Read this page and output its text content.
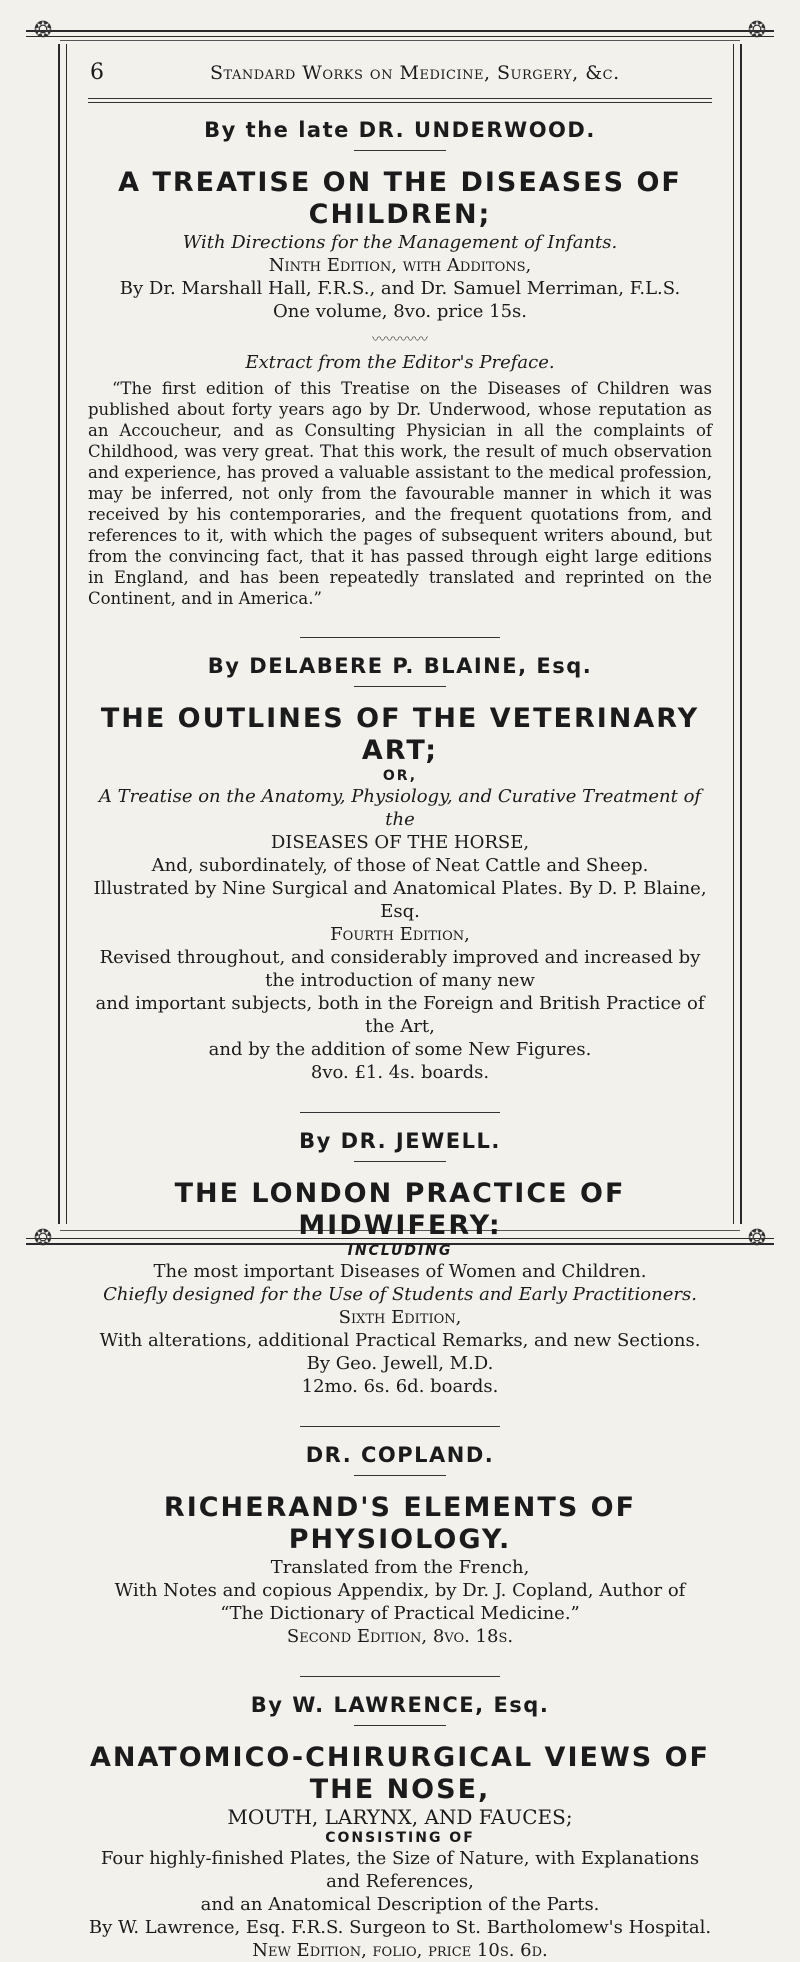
❂	❂
❂	❂
6	Standard Works on Medicine, Surgery, &c.
By the late DR. UNDERWOOD.
A TREATISE ON THE DISEASES OF CHILDREN;
With Directions for the Management of Infants.
Ninth Edition, with Additons,
By Dr. Marshall Hall, F.R.S., and Dr. Samuel Merriman, F.L.S.
One volume, 8vo. price 15s.
〰〰〰〰
Extract from the Editor's Preface.

“The first edition of this Treatise on the Diseases of Children was published about forty years ago by Dr. Underwood, whose reputation as an Accoucheur, and as Consulting Physician in all the complaints of Childhood, was very great. That this work, the result of much observation and experience, has proved a valuable assistant to the medical profession, may be inferred, not only from the favourable manner in which it was received by his contemporaries, and the frequent quotations from, and references to it, with which the pages of subsequent writers abound, but from the convincing fact, that it has passed through eight large editions in England, and has been repeatedly translated and reprinted on the Continent, and in America.”

By DELABERE P. BLAINE, Esq.
THE OUTLINES OF THE VETERINARY ART;
OR,
A Treatise on the Anatomy, Physiology, and Curative Treatment of the
DISEASES OF THE HORSE,
And, subordinately, of those of Neat Cattle and Sheep.
Illustrated by Nine Surgical and Anatomical Plates. By D. P. Blaine, Esq.
Fourth Edition,
Revised throughout, and considerably improved and increased by the introduction of many new
and important subjects, both in the Foreign and British Practice of the Art,
and by the addition of some New Figures.
8vo. £1. 4s. boards.
By DR. JEWELL.
THE LONDON PRACTICE OF MIDWIFERY:
INCLUDING
The most important Diseases of Women and Children.
Chiefly designed for the Use of Students and Early Practitioners.
Sixth Edition,
With alterations, additional Practical Remarks, and new Sections. By Geo. Jewell, M.D.
12mo. 6s. 6d. boards.
DR. COPLAND.
RICHERAND'S ELEMENTS OF PHYSIOLOGY.
Translated from the French,
With Notes and copious Appendix, by Dr. J. Copland, Author of
“The Dictionary of Practical Medicine.”
Second Edition, 8vo. 18s.
By W. LAWRENCE, Esq.
ANATOMICO-CHIRURGICAL VIEWS OF THE NOSE,
MOUTH, LARYNX, AND FAUCES;
CONSISTING OF
Four highly-finished Plates, the Size of Nature, with Explanations and References,
and an Anatomical Description of the Parts.
By W. Lawrence, Esq. F.R.S. Surgeon to St. Bartholomew's Hospital.
New Edition, folio, price 10s. 6d.
